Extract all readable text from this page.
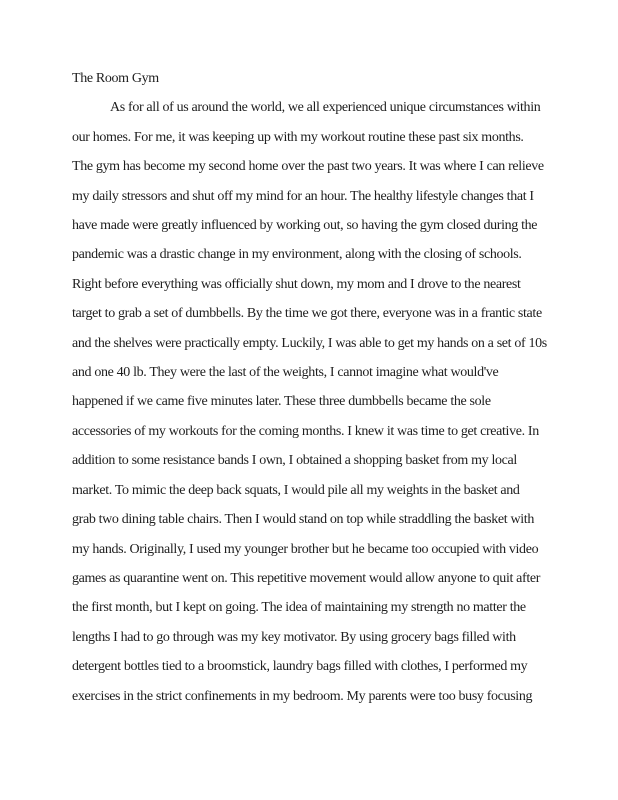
The Room Gym
As for all of us around the world, we all experienced unique circumstances within
our homes. For me, it was keeping up with my workout routine these past six months.
The gym has become my second home over the past two years. It was where I can relieve
my daily stressors and shut off my mind for an hour. The healthy lifestyle changes that I
have made were greatly influenced by working out, so having the gym closed during the
pandemic was a drastic change in my environment, along with the closing of schools.
Right before everything was officially shut down, my mom and I drove to the nearest
target to grab a set of dumbbells. By the time we got there, everyone was in a frantic state
and the shelves were practically empty. Luckily, I was able to get my hands on a set of 10s
and one 40 lb. They were the last of the weights, I cannot imagine what would've
happened if we came five minutes later. These three dumbbells became the sole
accessories of my workouts for the coming months. I knew it was time to get creative. In
addition to some resistance bands I own, I obtained a shopping basket from my local
market. To mimic the deep back squats, I would pile all my weights in the basket and
grab two dining table chairs. Then I would stand on top while straddling the basket with
my hands. Originally, I used my younger brother but he became too occupied with video
games as quarantine went on. This repetitive movement would allow anyone to quit after
the first month, but I kept on going. The idea of maintaining my strength no matter the
lengths I had to go through was my key motivator. By using grocery bags filled with
detergent bottles tied to a broomstick, laundry bags filled with clothes, I performed my
exercises in the strict confinements in my bedroom. My parents were too busy focusing
